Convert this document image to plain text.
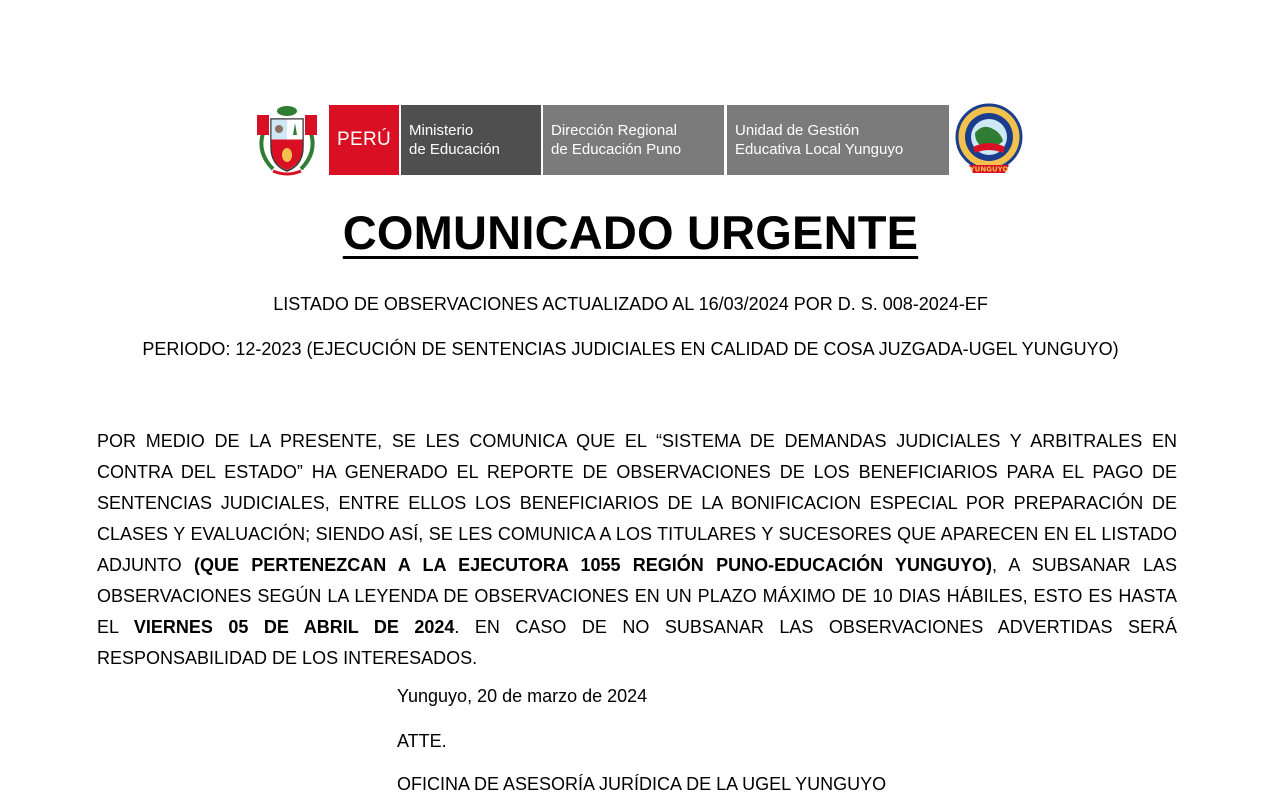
PERÚ	Ministerio
de Educación
Dirección Regional
de Educación Puno
Unidad de Gestión
Educativa Local Yunguyo
YUNGUYO
COMUNICADO URGENTE
LISTADO DE OBSERVACIONES ACTUALIZADO AL 16/03/2024 POR D. S. 008-2024-EF
PERIODO: 12-2023 (EJECUCIÓN DE SENTENCIAS JUDICIALES EN CALIDAD DE COSA JUZGADA-UGEL YUNGUYO)
POR MEDIO DE LA PRESENTE, SE LES COMUNICA QUE EL “SISTEMA DE DEMANDAS JUDICIALES Y ARBITRALES EN CONTRA DEL ESTADO” HA GENERADO EL REPORTE DE OBSERVACIONES DE LOS BENEFICIARIOS PARA EL PAGO DE SENTENCIAS JUDICIALES, ENTRE ELLOS LOS BENEFICIARIOS DE LA BONIFICACION ESPECIAL POR PREPARACIÓN DE CLASES Y EVALUACIÓN; SIENDO ASÍ, SE LES COMUNICA A LOS TITULARES Y SUCESORES QUE APARECEN EN EL LISTADO ADJUNTO (QUE PERTENEZCAN A LA EJECUTORA 1055 REGIÓN PUNO-EDUCACIÓN YUNGUYO), A SUBSANAR LAS OBSERVACIONES SEGÚN LA LEYENDA DE OBSERVACIONES EN UN PLAZO MÁXIMO DE 10 DIAS HÁBILES, ESTO ES HASTA EL VIERNES 05 DE ABRIL DE 2024. EN CASO DE NO SUBSANAR LAS OBSERVACIONES ADVERTIDAS SERÁ RESPONSABILIDAD DE LOS INTERESADOS.
Yunguyo, 20 de marzo de 2024
ATTE.
OFICINA DE ASESORÍA JURÍDICA DE LA UGEL YUNGUYO
